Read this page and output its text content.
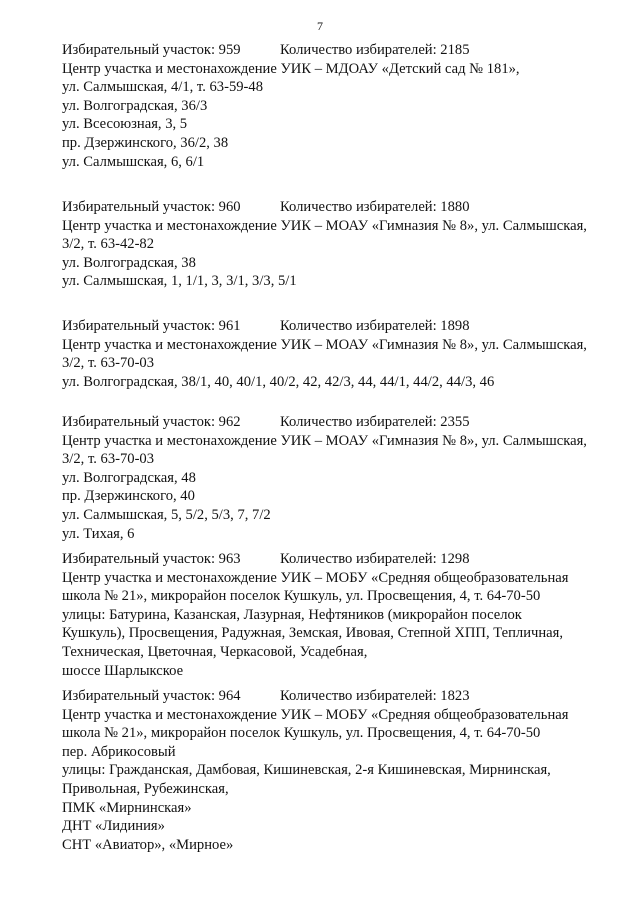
7
Избирательный участок: 959	Количество избирателей: 2185
Центр участка и местонахождение УИК – МДОАУ «Детский сад № 181»,
ул. Салмышская, 4/1, т. 63-59-48
ул. Волгоградская, 36/3
ул. Всесоюзная, 3, 5
пр. Дзержинского, 36/2, 38
ул. Салмышская, 6, 6/1
Избирательный участок: 960	Количество избирателей: 1880
Центр участка и местонахождение УИК – МОАУ «Гимназия № 8», ул. Салмышская,
3/2, т. 63-42-82
ул. Волгоградская, 38
ул. Салмышская, 1, 1/1, 3, 3/1, 3/3, 5/1
Избирательный участок: 961	Количество избирателей: 1898
Центр участка и местонахождение УИК – МОАУ «Гимназия № 8», ул. Салмышская,
3/2, т. 63-70-03
ул. Волгоградская, 38/1, 40, 40/1, 40/2, 42, 42/3, 44, 44/1, 44/2, 44/3, 46
Избирательный участок: 962	Количество избирателей: 2355
Центр участка и местонахождение УИК – МОАУ «Гимназия № 8», ул. Салмышская,
3/2, т. 63-70-03
ул. Волгоградская, 48
пр. Дзержинского, 40
ул. Салмышская, 5, 5/2, 5/3, 7, 7/2
ул. Тихая, 6
Избирательный участок: 963	Количество избирателей: 1298
Центр участка и местонахождение УИК – МОБУ «Средняя общеобразовательная
школа № 21», микрорайон поселок Кушкуль, ул. Просвещения, 4, т. 64-70-50
улицы: Батурина, Казанская, Лазурная, Нефтяников (микрорайон поселок
Кушкуль), Просвещения, Радужная, Земская, Ивовая, Степной ХПП, Тепличная,
Техническая, Цветочная, Черкасовой, Усадебная,
шоссе Шарлыкское
Избирательный участок: 964	Количество избирателей: 1823
Центр участка и местонахождение УИК – МОБУ «Средняя общеобразовательная
школа № 21», микрорайон поселок Кушкуль, ул. Просвещения, 4, т. 64-70-50
пер. Абрикосовый
улицы: Гражданская, Дамбовая, Кишиневская, 2-я Кишиневская, Мирнинская,
Привольная, Рубежинская,
ПМК «Мирнинская»
ДНТ «Лидиния»
СНТ «Авиатор», «Мирное»
